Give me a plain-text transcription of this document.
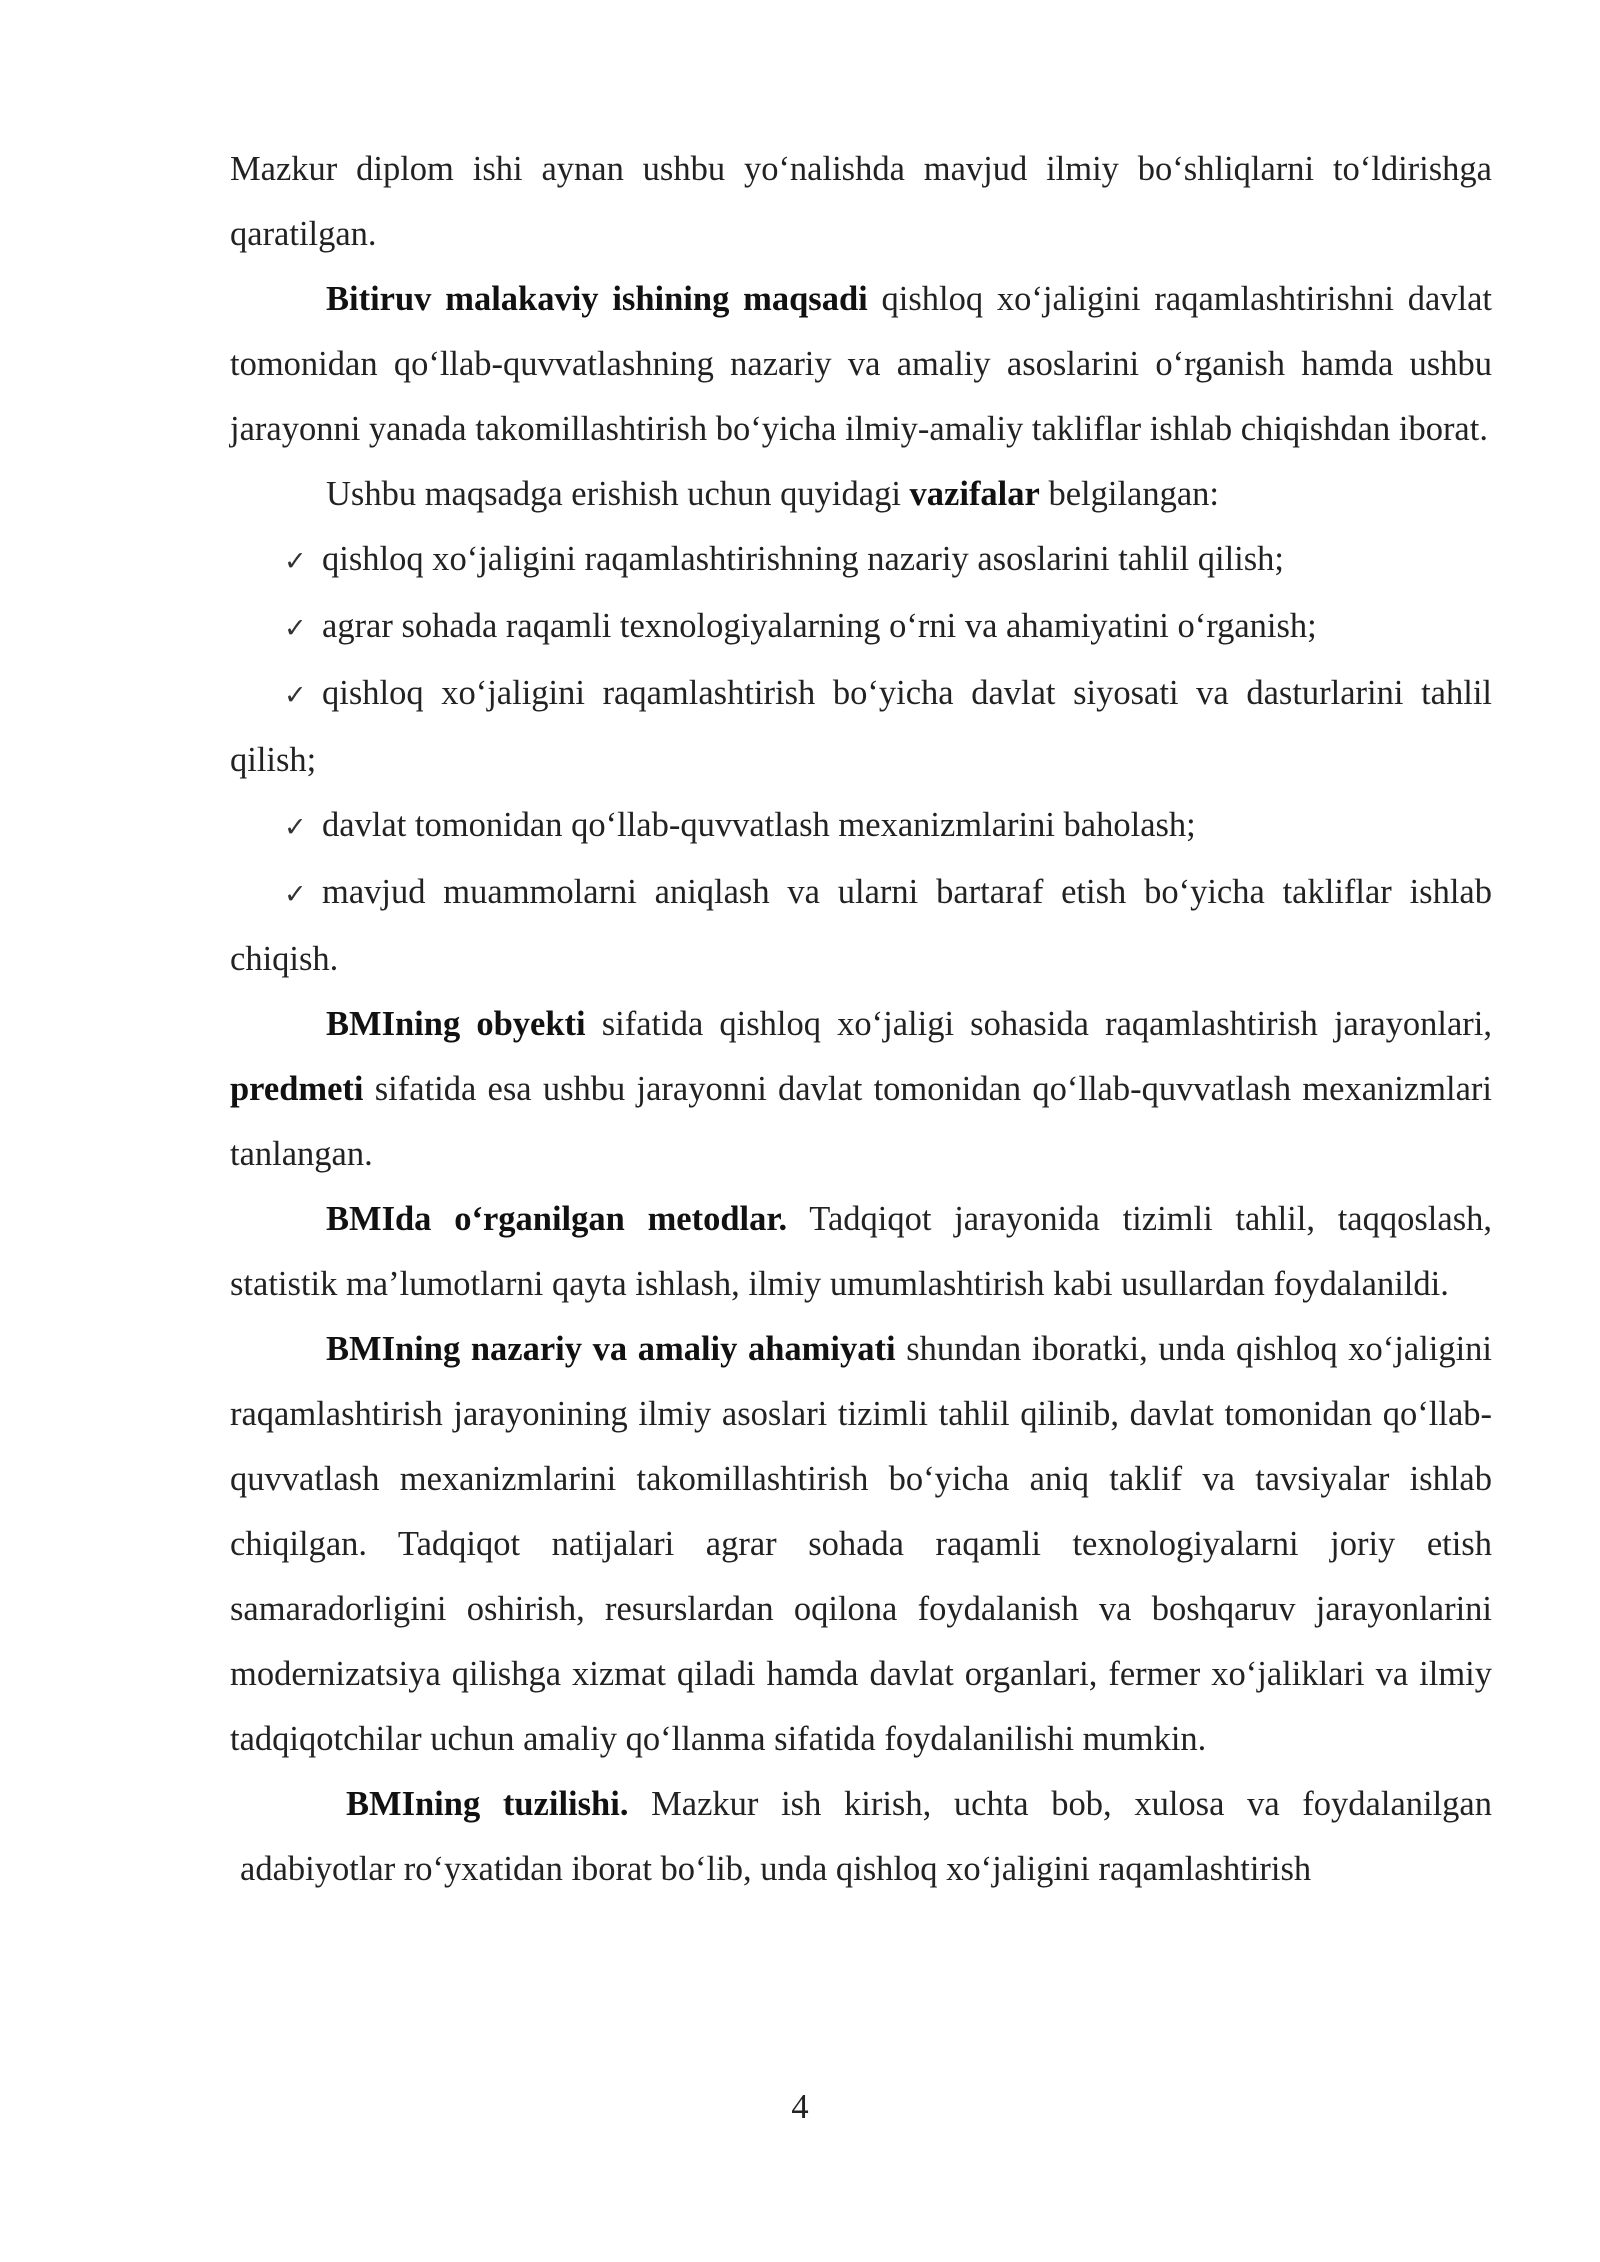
Mazkur diplom ishi aynan ushbu yo‘nalishda mavjud ilmiy bo‘shliqlarni to‘ldirishga qaratilgan.

Bitiruv malakaviy ishining maqsadi qishloq xo‘jaligini raqamlashtirishni davlat tomonidan qo‘llab-quvvatlashning nazariy va amaliy asoslarini o‘rganish hamda ushbu jarayonni yanada takomillashtirish bo‘yicha ilmiy-amaliy takliflar ishlab chiqishdan iborat.

Ushbu maqsadga erishish uchun quyidagi vazifalar belgilangan:

✓ qishloq xo‘jaligini raqamlashtirishning nazariy asoslarini tahlil qilish;

✓ agrar sohada raqamli texnologiyalarning o‘rni va ahamiyatini o‘rganish;

✓ qishloq xo‘jaligini raqamlashtirish bo‘yicha davlat siyosati va dasturlarini tahlil qilish;

✓ davlat tomonidan qo‘llab-quvvatlash mexanizmlarini baholash;

✓ mavjud muammolarni aniqlash va ularni bartaraf etish bo‘yicha takliflar ishlab chiqish.

BMIning obyekti sifatida qishloq xo‘jaligi sohasida raqamlashtirish jarayonlari, predmeti sifatida esa ushbu jarayonni davlat tomonidan qo‘llab-quvvatlash mexanizmlari tanlangan.

BMIda o‘rganilgan metodlar. Tadqiqot jarayonida tizimli tahlil, taqqoslash, statistik ma’lumotlarni qayta ishlash, ilmiy umumlashtirish kabi usullardan foydalanildi.

BMIning nazariy va amaliy ahamiyati shundan iboratki, unda qishloq xo‘jaligini raqamlashtirish jarayonining ilmiy asoslari tizimli tahlil qilinib, davlat tomonidan qo‘llab-quvvatlash mexanizmlarini takomillashtirish bo‘yicha aniq taklif va tavsiyalar ishlab chiqilgan. Tadqiqot natijalari agrar sohada raqamli texnologiyalarni joriy etish samaradorligini oshirish, resurslardan oqilona foydalanish va boshqaruv jarayonlarini modernizatsiya qilishga xizmat qiladi hamda davlat organlari, fermer xo‘jaliklari va ilmiy tadqiqotchilar uchun amaliy qo‘llanma sifatida foydalanilishi mumkin.

BMIning tuzilishi. Mazkur ish kirish, uchta bob, xulosa va foydalanilgan adabiyotlar ro‘yxatidan iborat bo‘lib, unda qishloq xo‘jaligini raqamlashtirish

4
